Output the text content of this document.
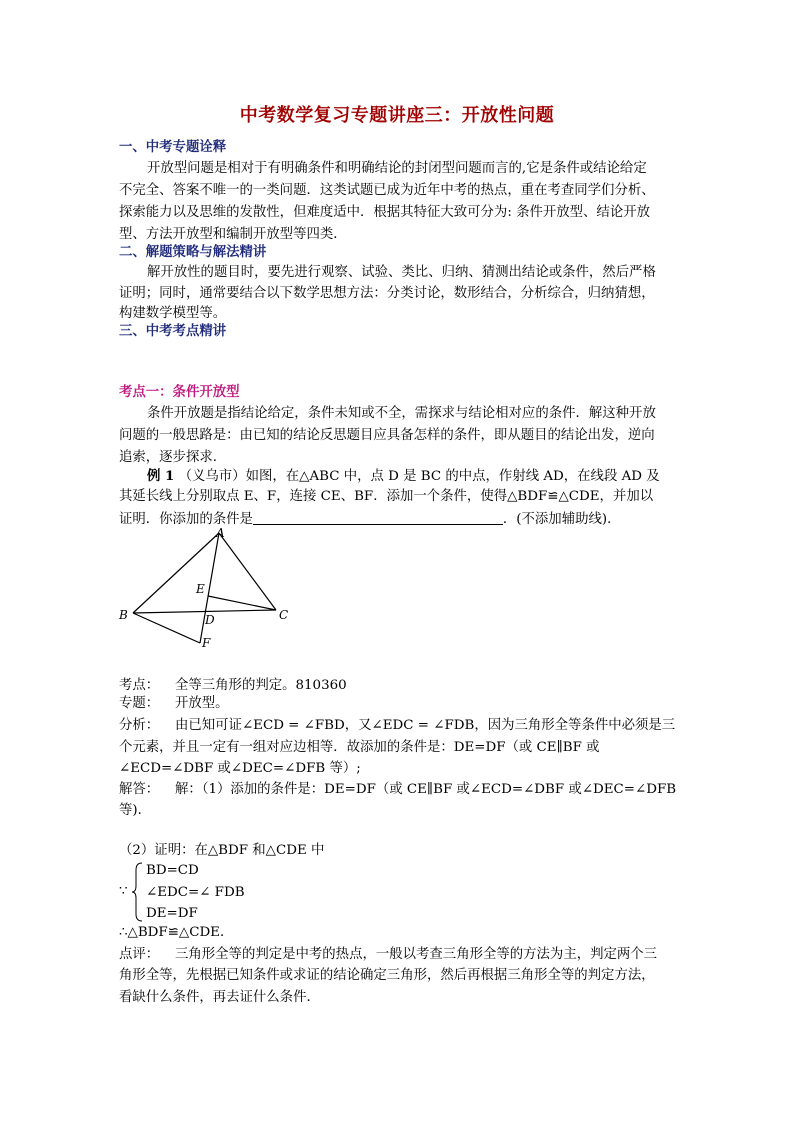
中考数学复习专题讲座三：开放性问题
一、中考专题诠释
开放型问题是相对于有明确条件和明确结论的封闭型问题而言的,它是条件或结论给定
不完全、答案不唯一的一类问题．这类试题已成为近年中考的热点，重在考查同学们分析、
探索能力以及思维的发散性，但难度适中．根据其特征大致可分为: 条件开放型、结论开放
型、方法开放型和编制开放型等四类．
二、解题策略与解法精讲
解开放性的题目时，要先进行观察、试验、类比、归纳、猜测出结论或条件，然后严格
证明；同时，通常要结合以下数学思想方法：分类讨论，数形结合，分析综合，归纳猜想，
构建数学模型等。
三、中考考点精讲
考点一：条件开放型
条件开放题是指结论给定，条件未知或不全，需探求与结论相对应的条件．解这种开放
问题的一般思路是：由已知的结论反思题目应具备怎样的条件，即从题目的结论出发，逆向
追索，逐步探求．
例 1 （义乌市）如图，在△ABC 中，点 D 是 BC 的中点，作射线 AD，在线段 AD 及
其延长线上分别取点 E、F，连接 CE、BF．添加一个条件，使得△BDF≌△CDE，并加以
证明．你添加的条件是	．(不添加辅助线)．
A
B	C
D
E
F
考点： 全等三角形的判定。810360
专题： 开放型。
分析： 由已知可证∠ECD = ∠FBD，又∠EDC = ∠FDB，因为三角形全等条件中必须是三
个元素，并且一定有一组对应边相等．故添加的条件是：DE=DF（或 CE∥BF 或
∠ECD=∠DBF 或∠DEC=∠DFB 等）;
解答： 解：（1）添加的条件是：DE=DF（或 CE∥BF 或∠ECD=∠DBF 或∠DEC=∠DFB
等)．
（2）证明：在△BDF 和△CDE 中
∵
BD=CD
∠EDC=∠ FDB
DE=DF
∴△BDF≌△CDE．
点评： 三角形全等的判定是中考的热点，一般以考查三角形全等的方法为主，判定两个三
角形全等，先根据已知条件或求证的结论确定三角形，然后再根据三角形全等的判定方法，
看缺什么条件，再去证什么条件．
